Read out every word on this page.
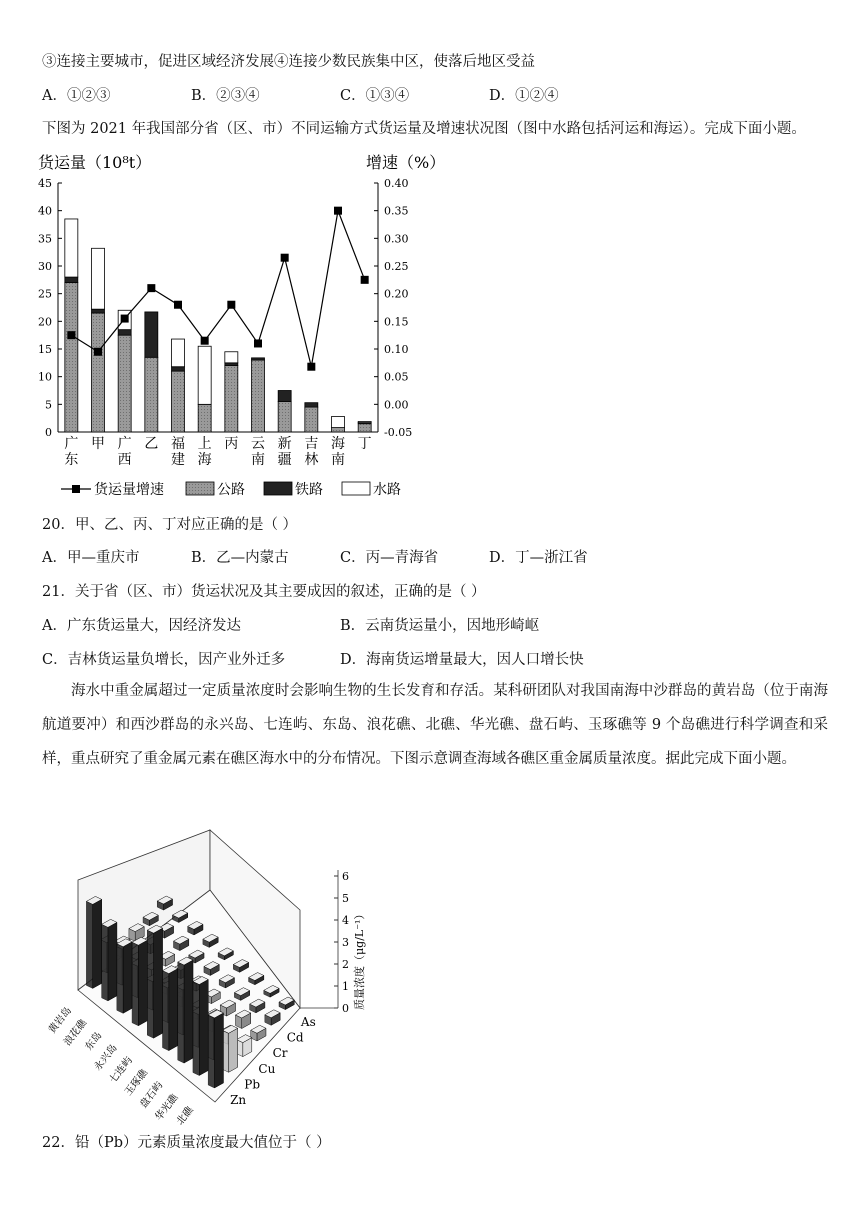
③连接主要城市，促进区域经济发展④连接少数民族集中区，使落后地区受益
A．①②③	B．②③④	C．①③④	D．①②④
下图为 2021 年我国部分省（区、市）不同运输方式货运量及增速状况图（图中水路包括河运和海运）。完成下面小题。
货运量（10⁸t）	增速（%）
0
5
10
15
20
25
30
35
40
45
-0.05
0.00
0.05
0.10
0.15
0.20
0.25
0.30
0.35
0.40
广
东
甲 广
西
乙 福
建
上
海
丙 云
南
新
疆
吉
林
海
南
丁
货运量增速	公路	铁路	水路
20．甲、乙、丙、丁对应正确的是（ ）
A．甲—重庆市	B．乙—内蒙古	C．丙—青海省	D．丁—浙江省
21．关于省（区、市）货运状况及其主要成因的叙述，正确的是（ ）
A．广东货运量大，因经济发达	B．云南货运量小，因地形崎岖
C．吉林货运量负增长，因产业外迁多	D．海南货运增量最大，因人口增长快
海水中重金属超过一定质量浓度时会影响生物的生长发育和存活。某科研团队对我国南海中沙群岛的黄岩岛（位于南海航道要冲）和西沙群岛的永兴岛、七连屿、东岛、浪花礁、北礁、华光礁、盘石屿、玉琢礁等 9 个岛礁进行科学调查和采样，重点研究了重金属元素在礁区海水中的分布情况。下图示意调查海域各礁区重金属质量浓度。据此完成下面小题。
0
1
2
3
4
5
6
质量浓度（μg/L⁻¹）
黄岩岛
浪花礁
东岛
永兴岛
七连屿
玉琢礁
盘石屿
华光礁
北礁
As
Cd
Cr
Cu
Pb
Zn
22．铅（Pb）元素质量浓度最大值位于（ ）
